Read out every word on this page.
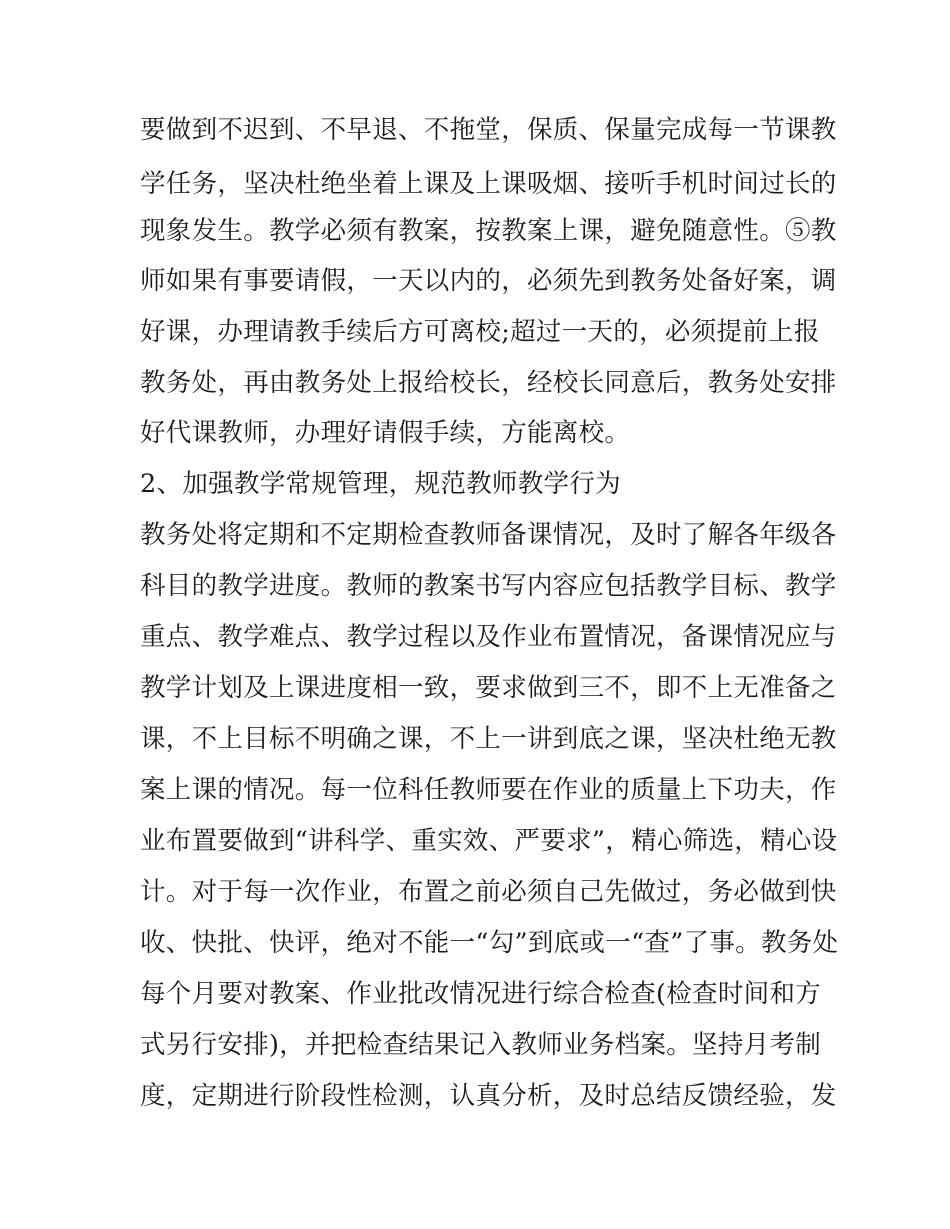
要做到不迟到、不早退、不拖堂，保质、保量完成每一节课教
学任务，坚决杜绝坐着上课及上课吸烟、接听手机时间过长的
现象发生。教学必须有教案，按教案上课，避免随意性。⑤教
师如果有事要请假，一天以内的，必须先到教务处备好案，调
好课，办理请教手续后方可离校;超过一天的，必须提前上报
教务处，再由教务处上报给校长，经校长同意后，教务处安排
好代课教师，办理好请假手续，方能离校。
2、加强教学常规管理，规范教师教学行为
教务处将定期和不定期检查教师备课情况，及时了解各年级各
科目的教学进度。教师的教案书写内容应包括教学目标、教学
重点、教学难点、教学过程以及作业布置情况，备课情况应与
教学计划及上课进度相一致，要求做到三不，即不上无准备之
课，不上目标不明确之课，不上一讲到底之课，坚决杜绝无教
案上课的情况。每一位科任教师要在作业的质量上下功夫，作
业布置要做到“讲科学、重实效、严要求”，精心筛选，精心设
计。对于每一次作业，布置之前必须自己先做过，务必做到快
收、快批、快评，绝对不能一“勾”到底或一“查”了事。教务处
每个月要对教案、作业批改情况进行综合检查(检查时间和方
式另行安排)，并把检查结果记入教师业务档案。坚持月考制
度，定期进行阶段性检测，认真分析，及时总结反馈经验，发
